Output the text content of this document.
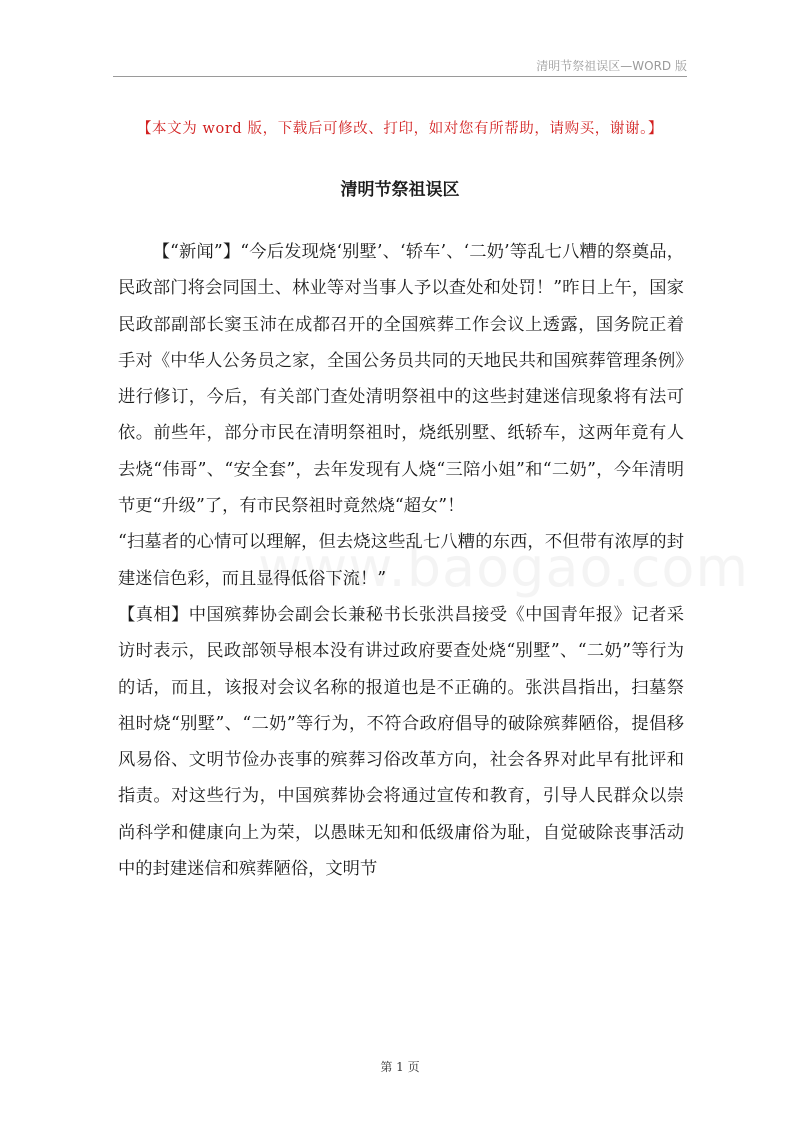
清明节祭祖误区—WORD 版
【本文为 word 版，下载后可修改、打印，如对您有所帮助，请购买，谢谢。】
清明节祭祖误区

【“新闻”】“今后发现烧‘别墅’、‘轿车’、‘二奶’等乱七八糟的祭奠品，民政部门将会同国土、林业等对当事人予以查处和处罚！”昨日上午，国家民政部副部长窦玉沛在成都召开的全国殡葬工作会议上透露，国务院正着手对《中华人公务员之家，全国公务员共同的天地民共和国殡葬管理条例》进行修订，今后，有关部门查处清明祭祖中的这些封建迷信现象将有法可依。前些年，部分市民在清明祭祖时，烧纸别墅、纸轿车，这两年竟有人去烧“伟哥”、“安全套”，去年发现有人烧“三陪小姐”和“二奶”，今年清明节更“升级”了，有市民祭祖时竟然烧“超女”！

“扫墓者的心情可以理解，但去烧这些乱七八糟的东西，不但带有浓厚的封建迷信色彩，而且显得低俗下流！”

【真相】中国殡葬协会副会长兼秘书长张洪昌接受《中国青年报》记者采访时表示，民政部领导根本没有讲过政府要查处烧“别墅”、“二奶”等行为的话，而且，该报对会议名称的报道也是不正确的。张洪昌指出，扫墓祭祖时烧“别墅”、“二奶”等行为，不符合政府倡导的破除殡葬陋俗，提倡移风易俗、文明节俭办丧事的殡葬习俗改革方向，社会各界对此早有批评和指责。对这些行为，中国殡葬协会将通过宣传和教育，引导人民群众以崇尚科学和健康向上为荣，以愚昧无知和低级庸俗为耻，自觉破除丧事活动中的封建迷信和殡葬陋俗，文明节

第 1 页
